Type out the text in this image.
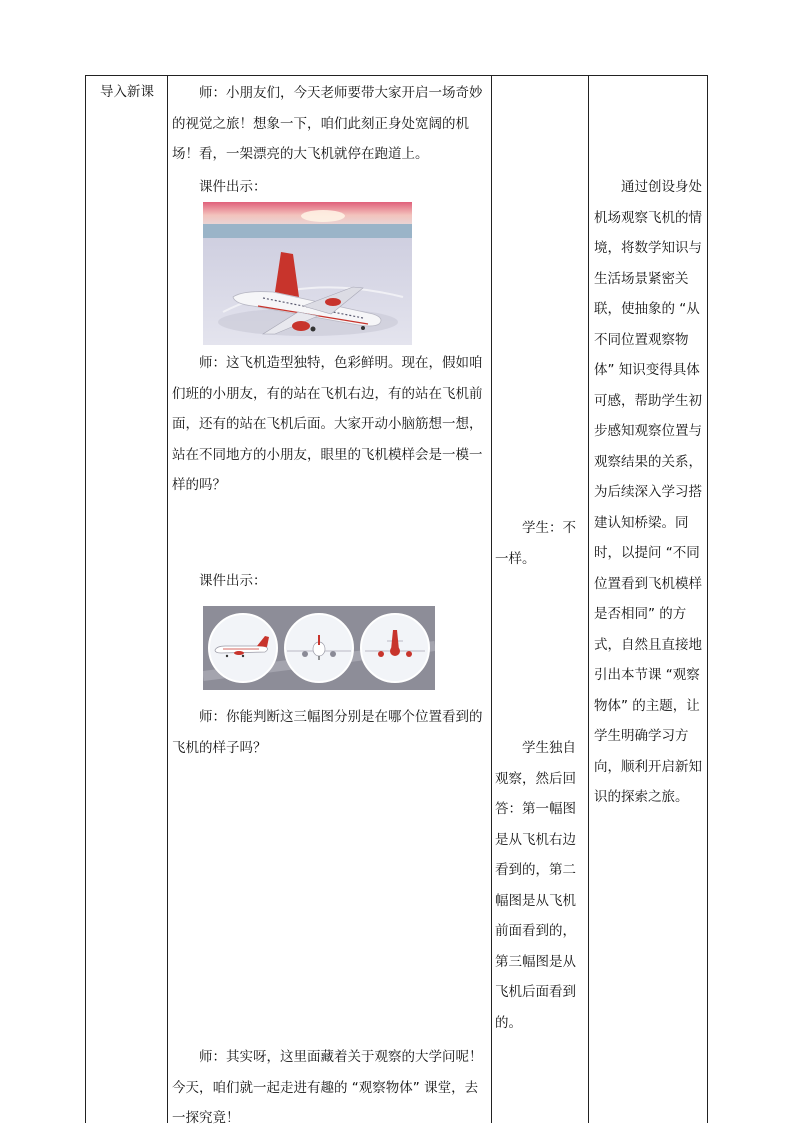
导入新课	师：小朋友们，今天老师要带大家开启一场奇妙的视觉之旅！想象一下，咱们此刻正身处宽阔的机场！看，一架漂亮的大飞机就停在跑道上。

课件出示：

师：这飞机造型独特，色彩鲜明。现在，假如咱们班的小朋友，有的站在飞机右边，有的站在飞机前面，还有的站在飞机后面。大家开动小脑筋想一想，站在不同地方的小朋友，眼里的飞机模样会是一模一样的吗？

课件出示：

师：你能判断这三幅图分别是在哪个位置看到的飞机的样子吗？

师：其实呀，这里面藏着关于观察的大学问呢！今天，咱们就一起走进有趣的 “观察物体” 课堂，去一探究竟！

学生：不一样。

学生独自观察，然后回答：第一幅图是从飞机右边看到的，第二幅图是从飞机前面看到的，第三幅图是从飞机后面看到的。

通过创设身处机场观察飞机的情境，将数学知识与生活场景紧密关联，使抽象的 “从不同位置观察物体” 知识变得具体可感，帮助学生初步感知观察位置与观察结果的关系，为后续深入学习搭建认知桥梁。同时，以提问 “不同位置看到飞机模样是否相同” 的方式，自然且直接地引出本节课 “观察物体” 的主题，让学生明确学习方向，顺利开启新知识的探索之旅。
